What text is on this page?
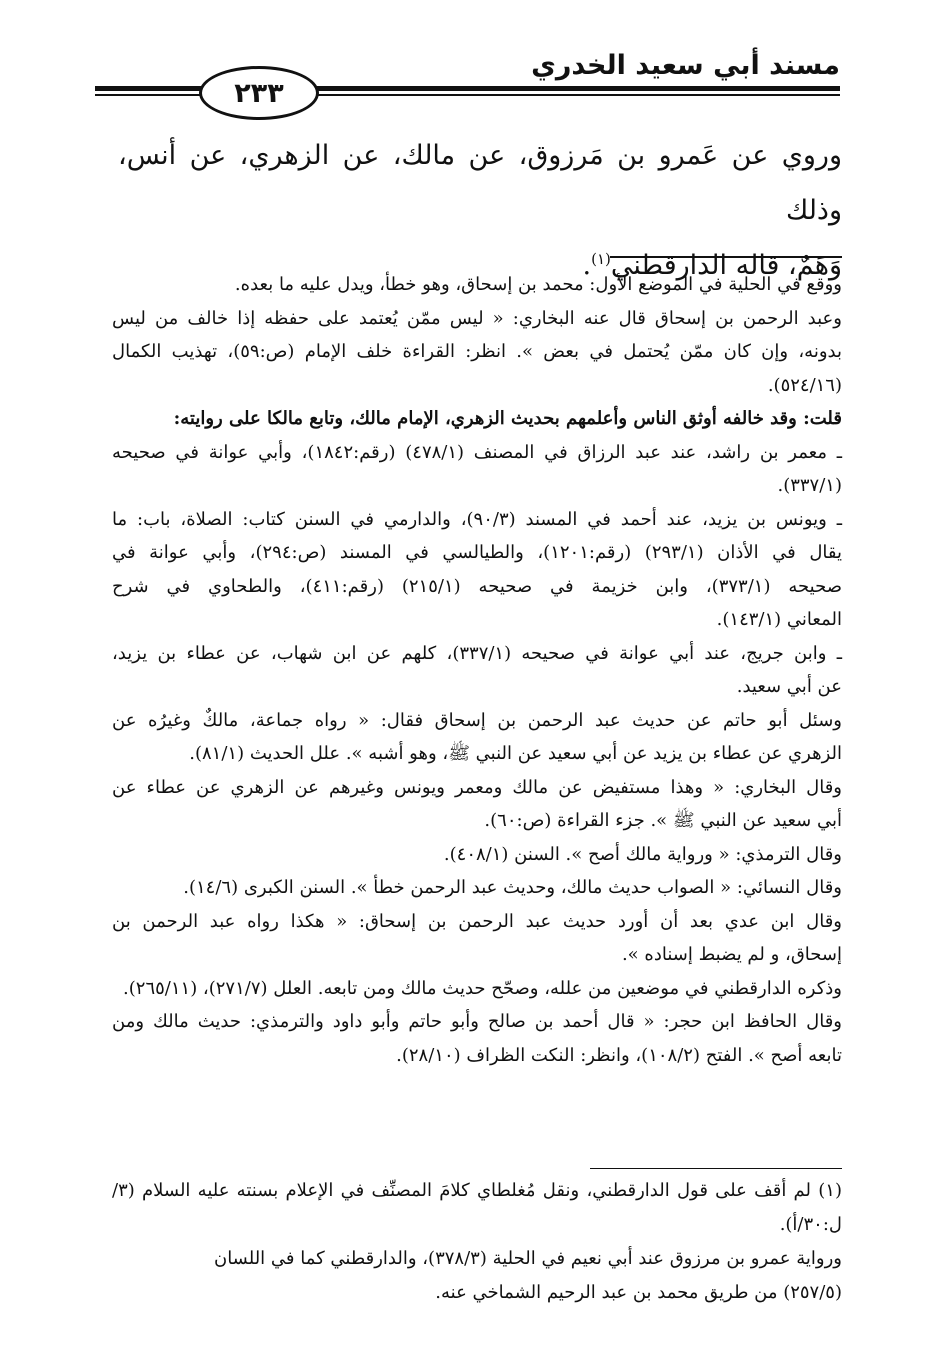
مسند أبي سعيد الخدري
٢٣٣

وروي عن عَمرو بن مَرزوق، عن مالك، عن الزهري، عن أنس، وذلك

وَهَمٌ، قاله الدارقطني$^{(١)}$.

ووقع في الحلية في الموضع الأول: محمد بن إسحاق، وهو خطأ، ويدل عليه ما بعده.
وعبد الرحمن بن إسحاق قال عنه البخاري: « ليس ممّن يُعتمد على حفظه إذا خالف من ليس
بدونه، وإن كان ممّن يُحتمل في بعض ». انظر: القراءة خلف الإمام (ص:٥٩)، تهذيب الكمال
(٥٢٤/١٦).
قلت: وقد خالفه أوثق الناس وأعلمهم بحديث الزهري، الإمام مالك، وتابع مالكا على روايته:
ـ معمر بن راشد، عند عبد الرزاق في المصنف (٤٧٨/١) (رقم:١٨٤٢)، وأبي عوانة في صحيحه
(٣٣٧/١).
ـ ويونس بن يزيد، عند أحمد في المسند (٩٠/٣)، والدارمي في السنن كتاب: الصلاة، باب: ما
يقال في الأذان (٢٩٣/١) (رقم:١٢٠١)، والطيالسي في المسند (ص:٢٩٤)، وأبي عوانة في
صحيحه (٣٧٣/١)، وابن خزيمة في صحيحه (٢١٥/١) (رقم:٤١١)، والطحاوي في شرح
المعاني (١٤٣/١).
ـ وابن جريج، عند أبي عوانة في صحيحه (٣٣٧/١)، كلهم عن ابن شهاب، عن عطاء بن يزيد،
عن أبي سعيد.
وسئل أبو حاتم عن حديث عبد الرحمن بن إسحاق فقال: « رواه جماعة، مالكٌ وغيرُه عن
الزهري عن عطاء بن يزيد عن أبي سعيد عن النبي ﷺ، وهو أشبه ». علل الحديث (٨١/١).
وقال البخاري: « وهذا مستفيض عن مالك ومعمر ويونس وغيرهم عن الزهري عن عطاء عن
أبي سعيد عن النبي ﷺ ». جزء القراءة (ص:٦٠).
وقال الترمذي: « ورواية مالك أصح ». السنن (٤٠٨/١).
وقال النسائي: « الصواب حديث مالك، وحديث عبد الرحمن خطأ ». السنن الكبرى (١٤/٦).
وقال ابن عدي بعد أن أورد حديث عبد الرحمن بن إسحاق: « هكذا رواه عبد الرحمن بن
إسحاق، و لم يضبط إسناده ».
وذكره الدارقطني في موضعين من علله، وصحّح حديث مالك ومن تابعه. العلل (٢٧١/٧)، (٢٦٥/١١).
وقال الحافظ ابن حجر: « قال أحمد بن صالح وأبو حاتم وأبو داود والترمذي: حديث مالك ومن
تابعه أصح ». الفتح (١٠٨/٢)، وانظر: النكت الظراف (٢٨/١٠).
(١) لم أقف على قول الدارقطني، ونقل مُغلطاي كلامَ المصنِّف في الإعلام بسنته عليه السلام (٣/ل:٣٠/أ).
ورواية عمرو بن مرزوق عند أبي نعيم في الحلية (٣٧٨/٣)، والدارقطني كما في اللسان
(٢٥٧/٥) من طريق محمد بن عبد الرحيم الشماخي عنه.
